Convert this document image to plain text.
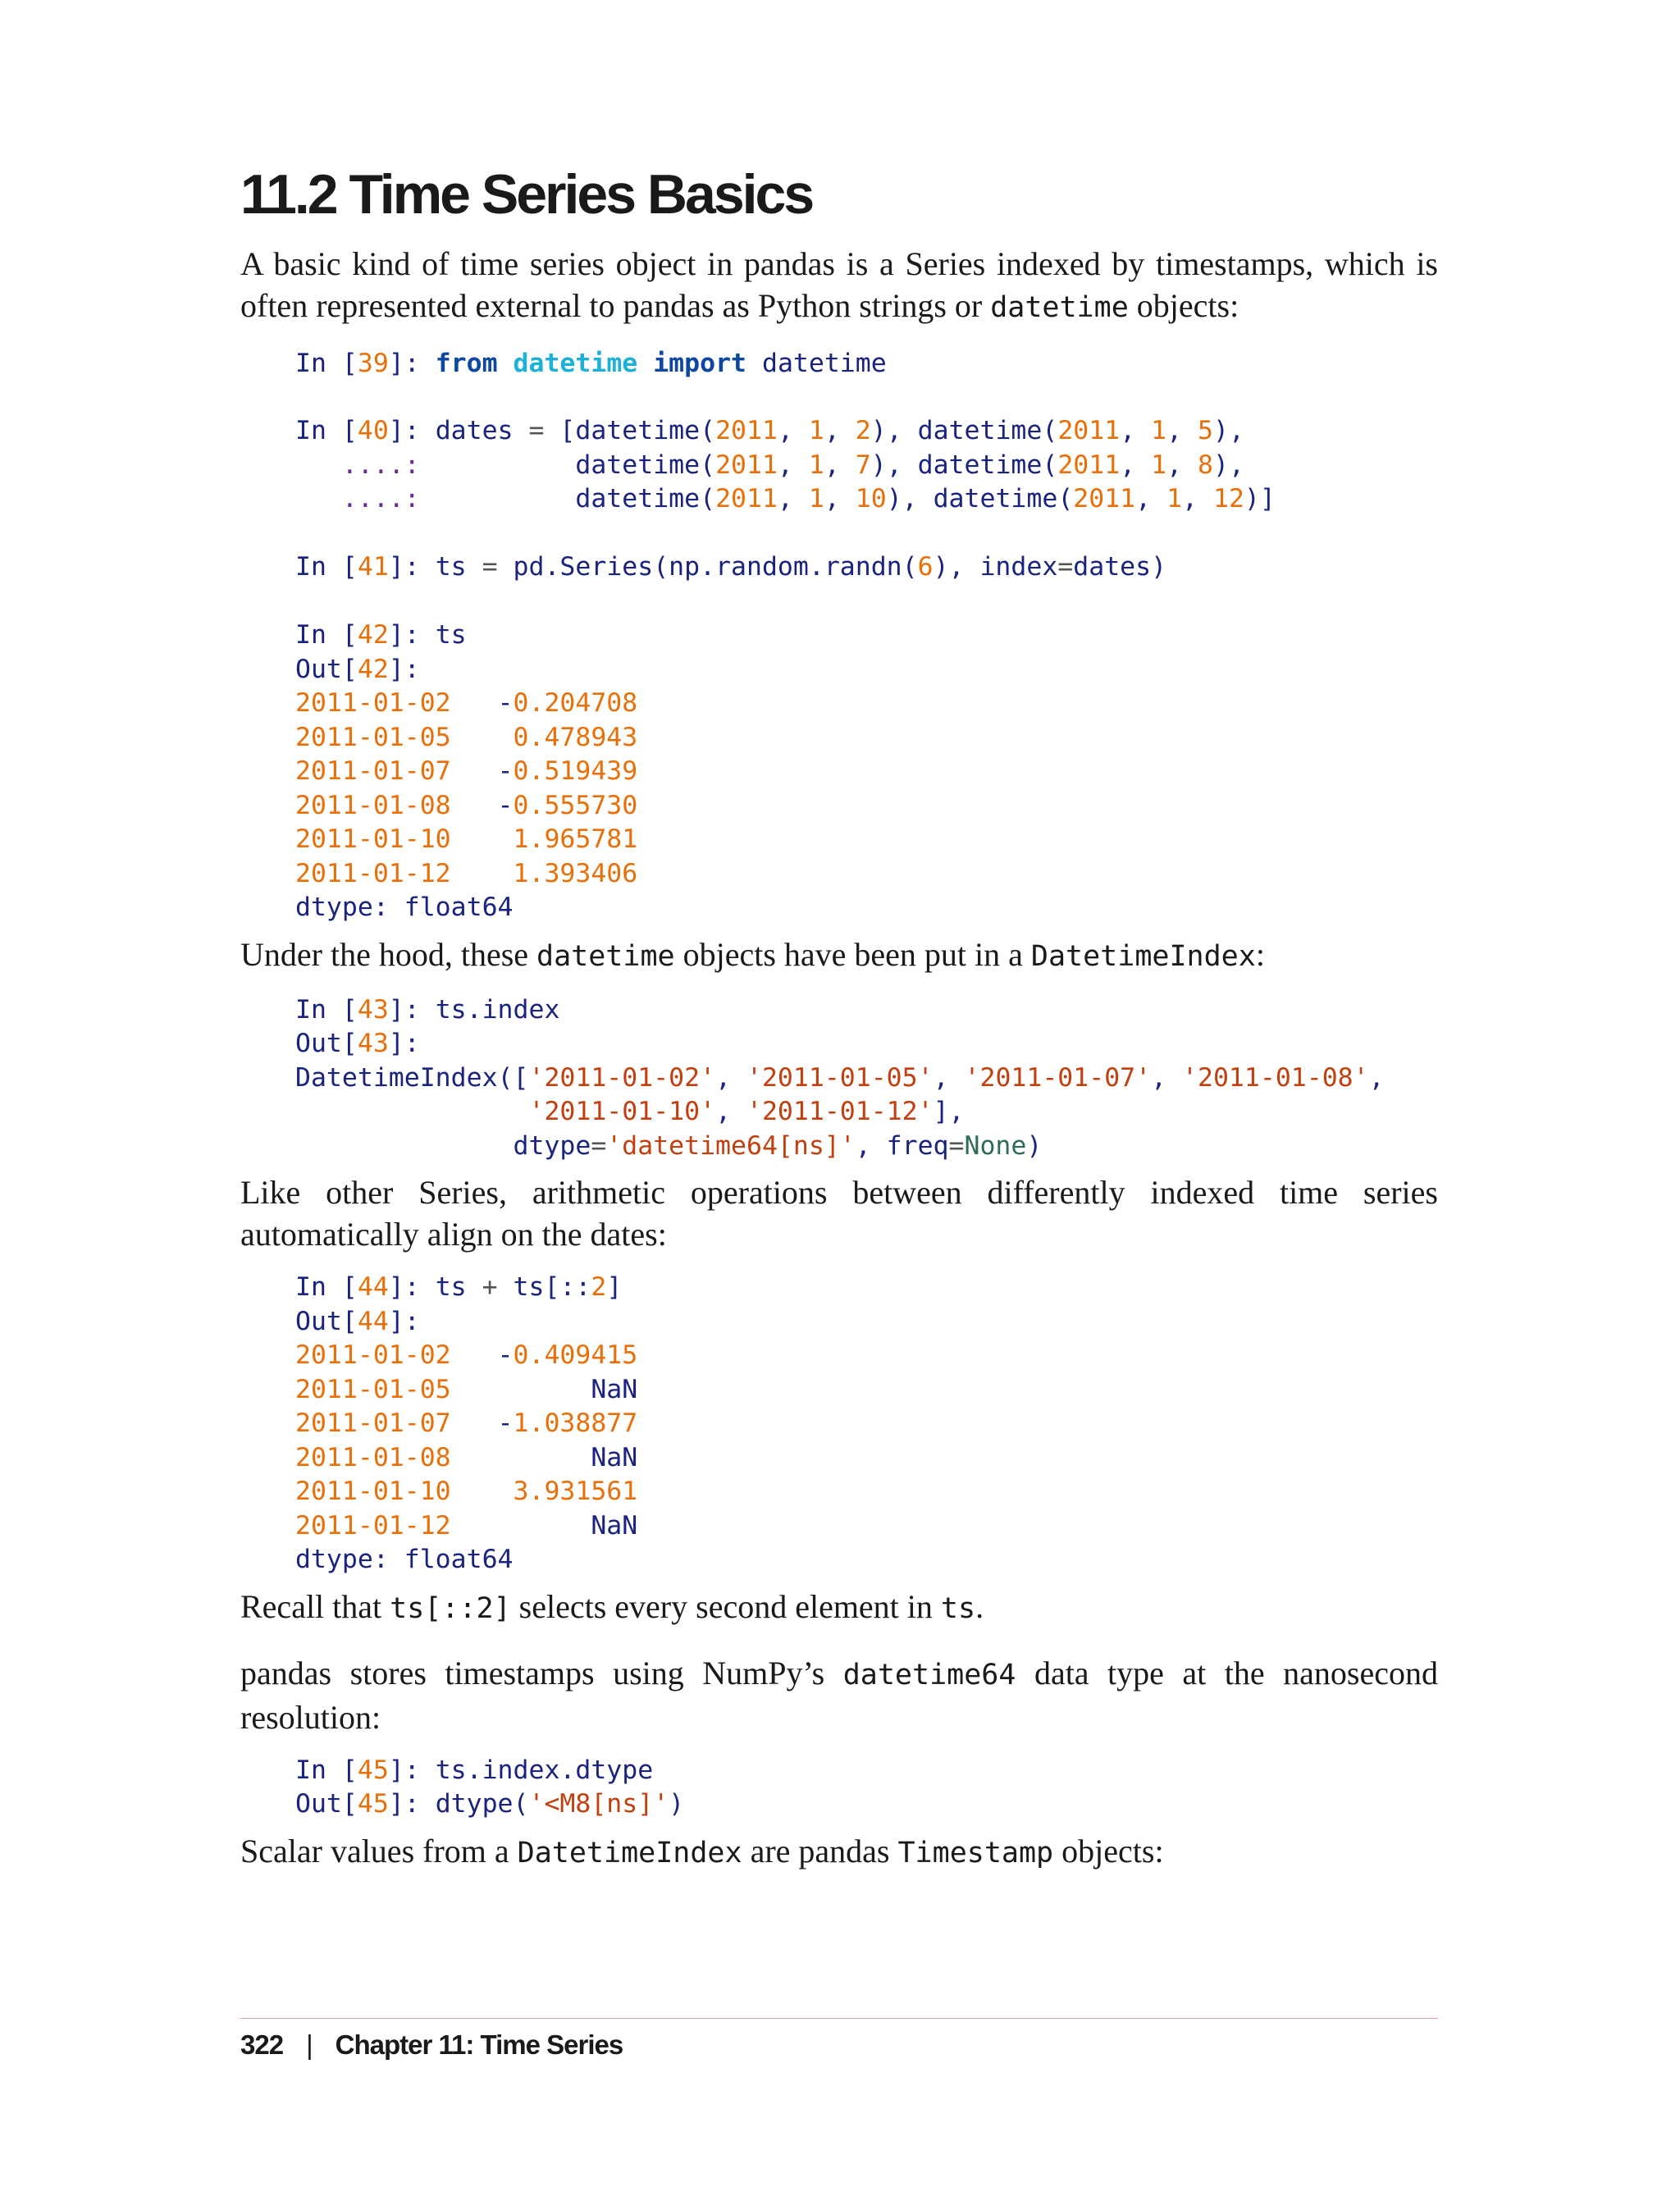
11.2 Time Series Basics

A basic kind of time series object in pandas is a Series indexed by timestamps, which is often represented external to pandas as Python strings or datetime objects:

In [39]: from datetime import datetime
In [40]: dates = [datetime(2011, 1, 2), datetime(2011, 1, 5),
....:          datetime(2011, 1, 7), datetime(2011, 1, 8),
....:          datetime(2011, 1, 10), datetime(2011, 1, 12)]

In [41]: ts = pd.Series(np.random.randn(6), index=dates)

In [42]: ts
Out[42]:
2011-01-02   -0.204708
2011-01-05 0.478943
2011-01-07   -0.519439
2011-01-08   -0.555730
2011-01-10 1.965781
2011-01-12 1.393406
dtype: float64

Under the hood, these datetime objects have been put in a DatetimeIndex:

In [43]: ts.index
Out[43]:
DatetimeIndex(['2011-01-02', '2011-01-05', '2011-01-07', '2011-01-08',
'2011-01-10', '2011-01-12'],
dtype='datetime64[ns]', freq=None)

Like other Series, arithmetic operations between differently indexed time series automatically align on the dates:

In [44]: ts + ts[::2]
Out[44]:
2011-01-02   -0.409415
2011-01-05         NaN
2011-01-07   -1.038877
2011-01-08         NaN
2011-01-10 3.931561
2011-01-12         NaN
dtype: float64

Recall that ts[::2] selects every second element in ts.

pandas stores timestamps using NumPy’s datetime64 data type at the nanosecond resolution:

In [45]: ts.index.dtype
Out[45]: dtype('<M8[ns]')

Scalar values from a DatetimeIndex are pandas Timestamp objects:

322 | Chapter 11: Time Series
